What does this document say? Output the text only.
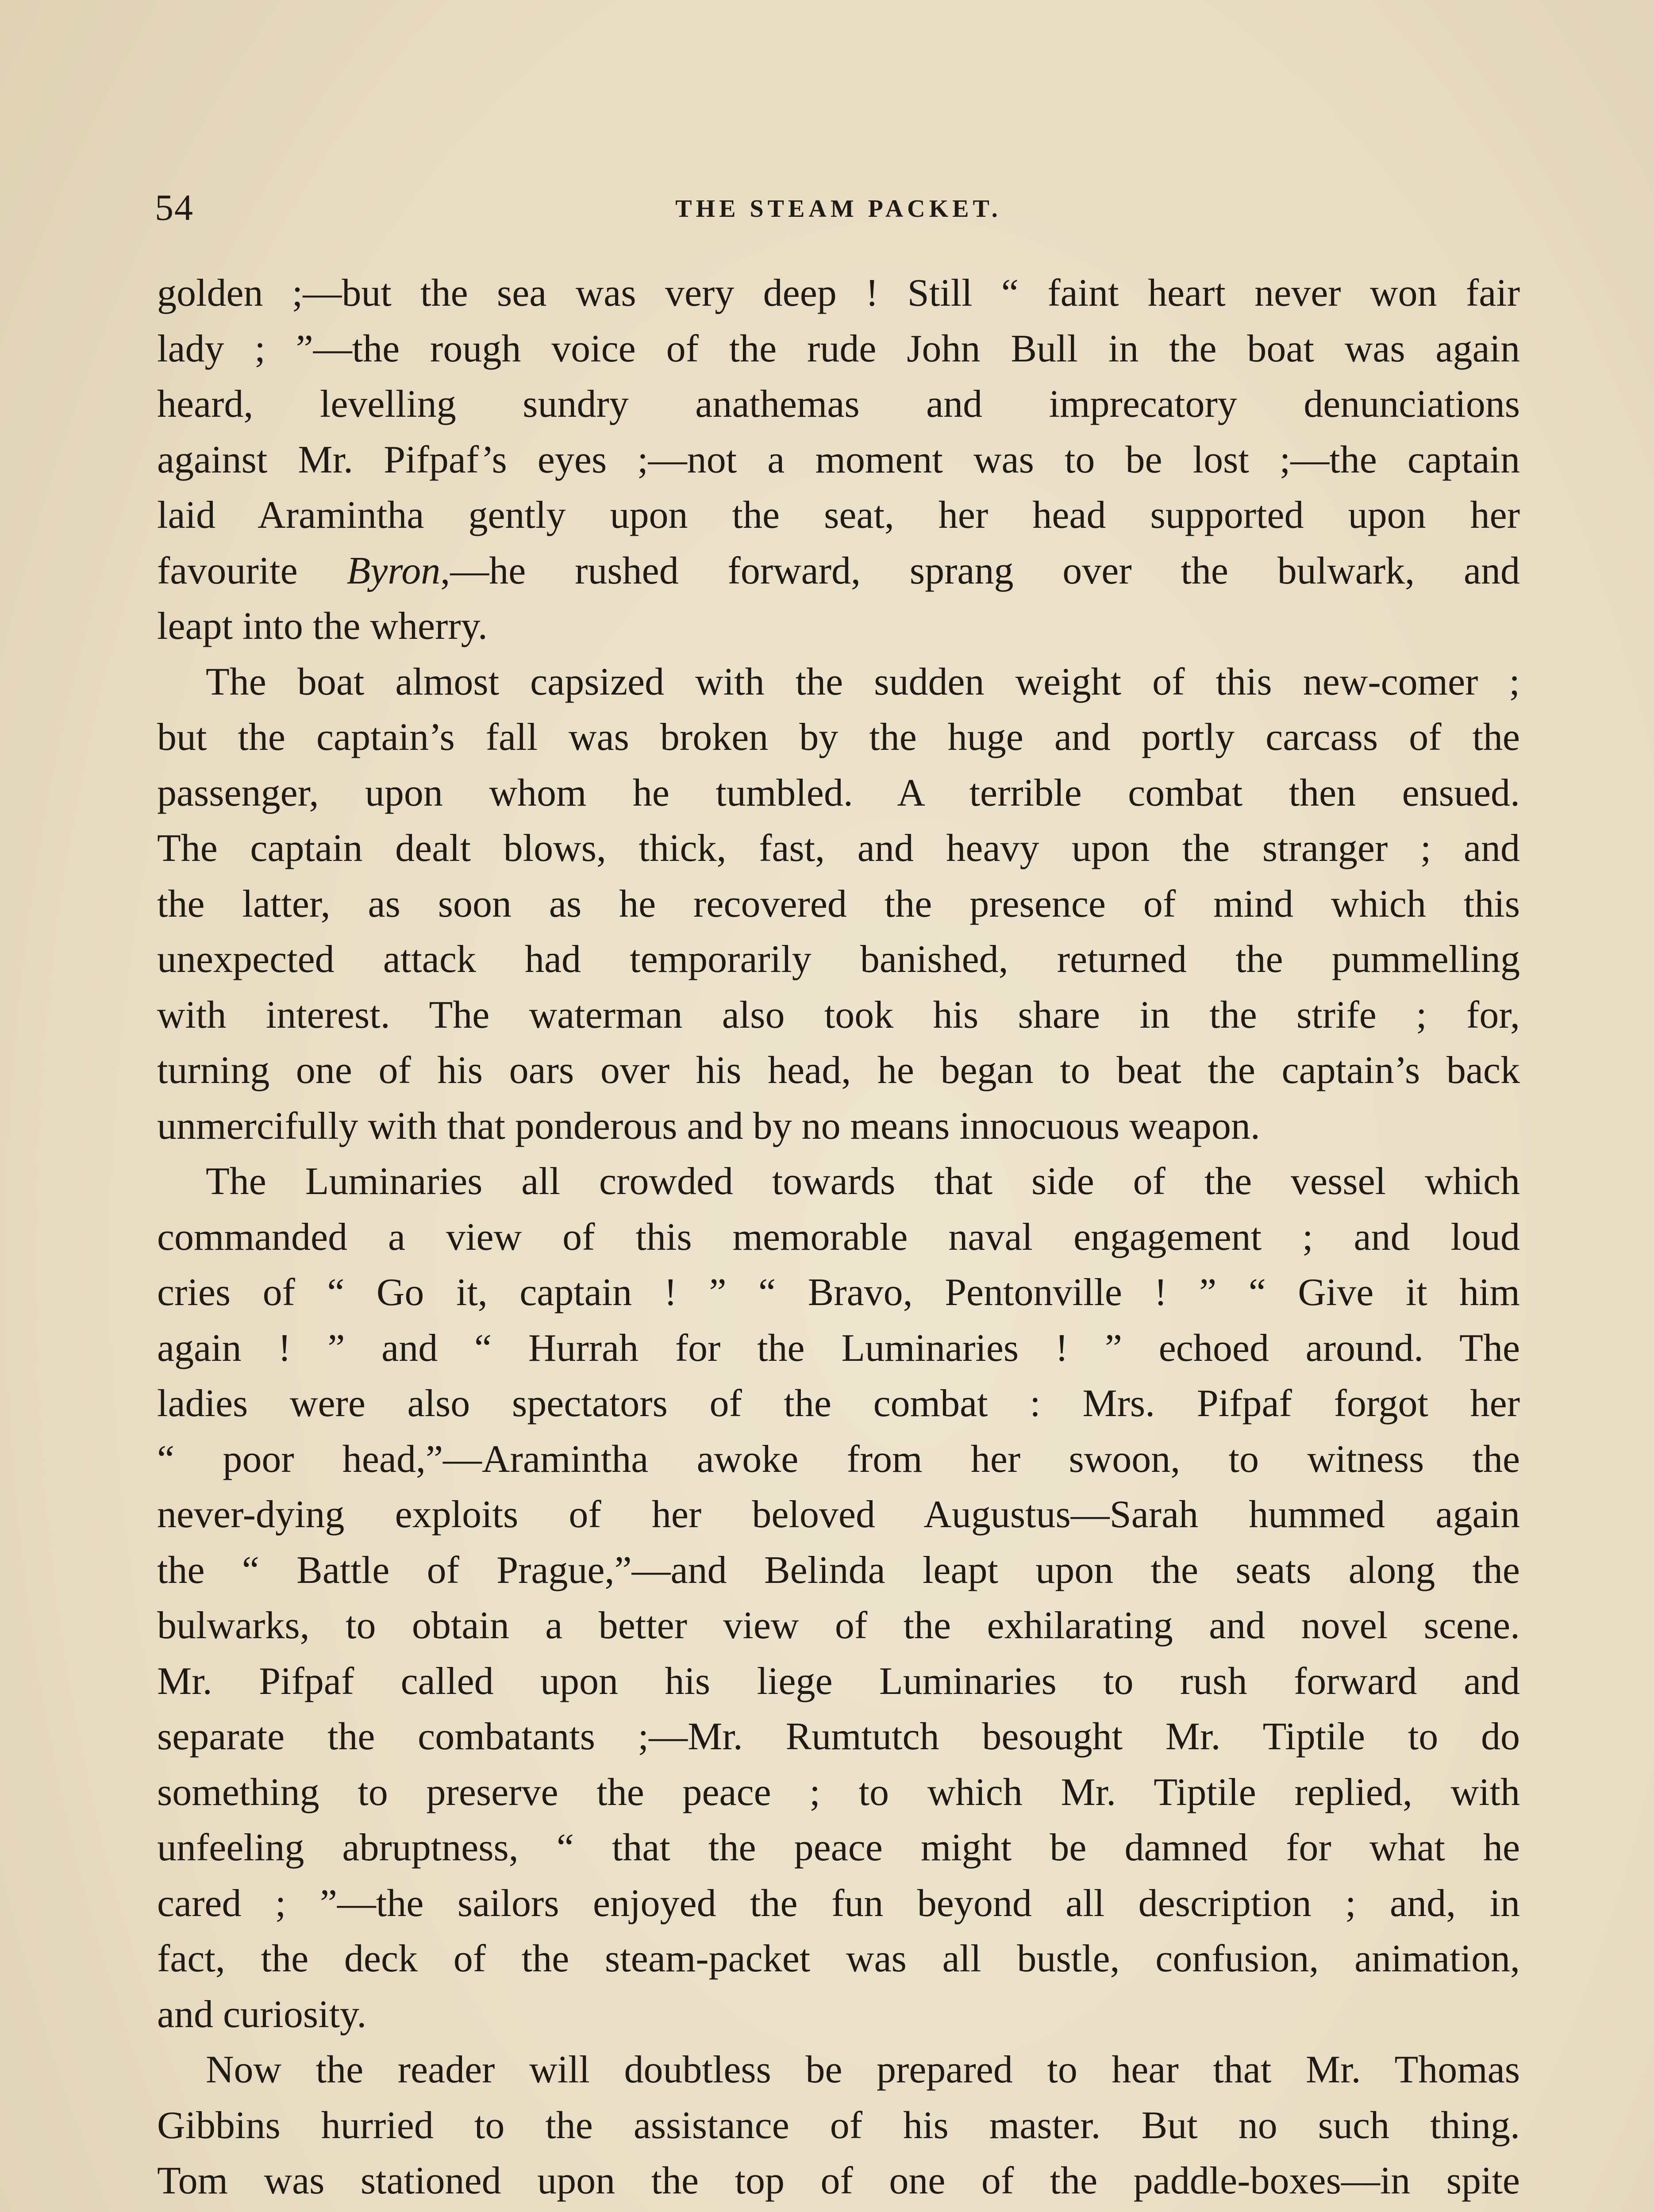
54	THE STEAM PACKET.
golden ;—but the sea was very deep ! Still “ faint heart never won fair
lady ; ”—the rough voice of the rude John Bull in the boat was again
heard, levelling sundry anathemas and imprecatory denunciations
against Mr. Pifpaf’s eyes ;—not a moment was to be lost ;—the captain
laid Aramintha gently upon the seat, her head supported upon her
favourite Byron,—he rushed forward, sprang over the bulwark, and
leapt into the wherry.
The boat almost capsized with the sudden weight of this new-comer ;
but the captain’s fall was broken by the huge and portly carcass of the
passenger, upon whom he tumbled. A terrible combat then ensued.
The captain dealt blows, thick, fast, and heavy upon the stranger ; and
the latter, as soon as he recovered the presence of mind which this
unexpected attack had temporarily banished, returned the pummelling
with interest. The waterman also took his share in the strife ; for,
turning one of his oars over his head, he began to beat the captain’s back
unmercifully with that ponderous and by no means innocuous weapon.
The Luminaries all crowded towards that side of the vessel which
commanded a view of this memorable naval engagement ; and loud
cries of “ Go it, captain ! ” “ Bravo, Pentonville ! ” “ Give it him
again ! ” and “ Hurrah for the Luminaries ! ” echoed around. The
ladies were also spectators of the combat : Mrs. Pifpaf forgot her
“ poor head,”—Aramintha awoke from her swoon, to witness the
never-dying exploits of her beloved Augustus—Sarah hummed again
the “ Battle of Prague,”—and Belinda leapt upon the seats along the
bulwarks, to obtain a better view of the exhilarating and novel scene.
Mr. Pifpaf called upon his liege Luminaries to rush forward and
separate the combatants ;—Mr. Rumtutch besought Mr. Tiptile to do
something to preserve the peace ; to which Mr. Tiptile replied, with
unfeeling abruptness, “ that the peace might be damned for what he
cared ; ”—the sailors enjoyed the fun beyond all description ; and, in
fact, the deck of the steam-packet was all bustle, confusion, animation,
and curiosity.
Now the reader will doubtless be prepared to hear that Mr. Thomas
Gibbins hurried to the assistance of his master. But no such thing.
Tom was stationed upon the top of one of the paddle-boxes—in spite
